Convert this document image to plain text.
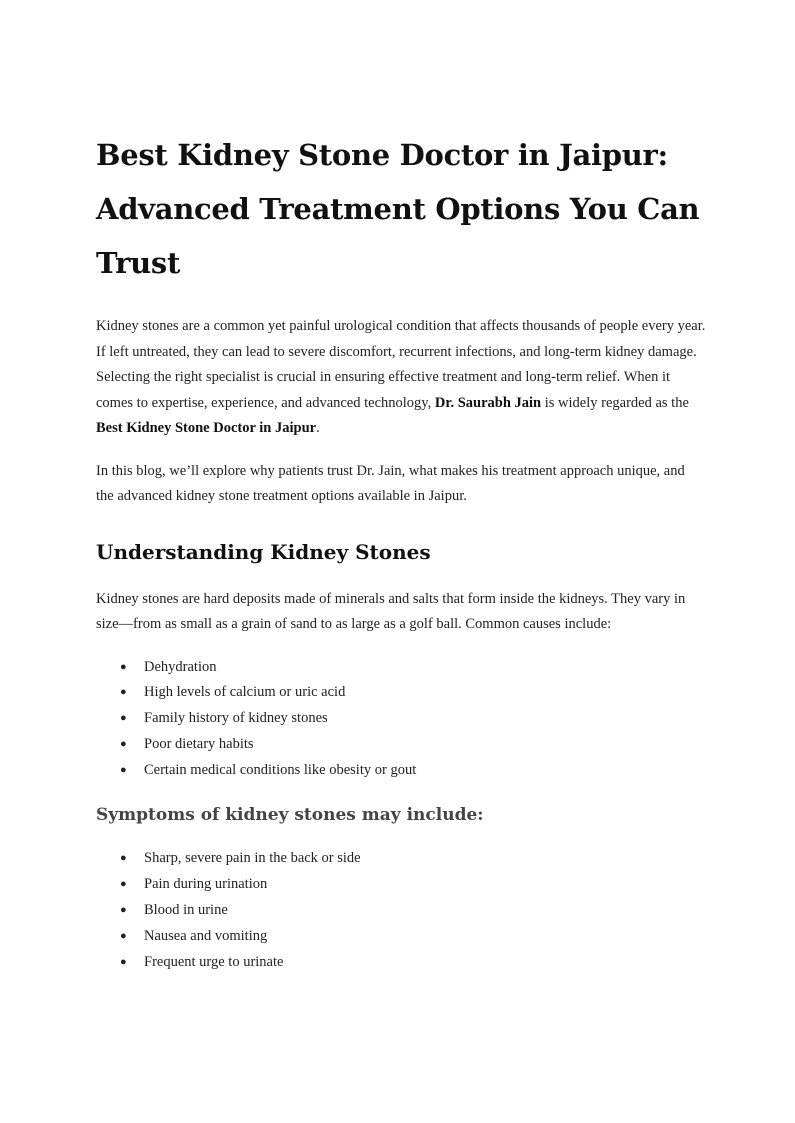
Best Kidney Stone Doctor in Jaipur: Advanced Treatment Options You Can Trust

Kidney stones are a common yet painful urological condition that affects thousands of people every year. If left untreated, they can lead to severe discomfort, recurrent infections, and long-term kidney damage. Selecting the right specialist is crucial in ensuring effective treatment and long-term relief. When it comes to expertise, experience, and advanced technology, Dr. Saurabh Jain is widely regarded as the Best Kidney Stone Doctor in Jaipur.

In this blog, we’ll explore why patients trust Dr. Jain, what makes his treatment approach unique, and the advanced kidney stone treatment options available in Jaipur.

Understanding Kidney Stones

Kidney stones are hard deposits made of minerals and salts that form inside the kidneys. They vary in size—from as small as a grain of sand to as large as a golf ball. Common causes include:

● Dehydration
● High levels of calcium or uric acid
● Family history of kidney stones
● Poor dietary habits
● Certain medical conditions like obesity or gout
Symptoms of kidney stones may include:
● Sharp, severe pain in the back or side
● Pain during urination
● Blood in urine
● Nausea and vomiting
● Frequent urge to urinate
